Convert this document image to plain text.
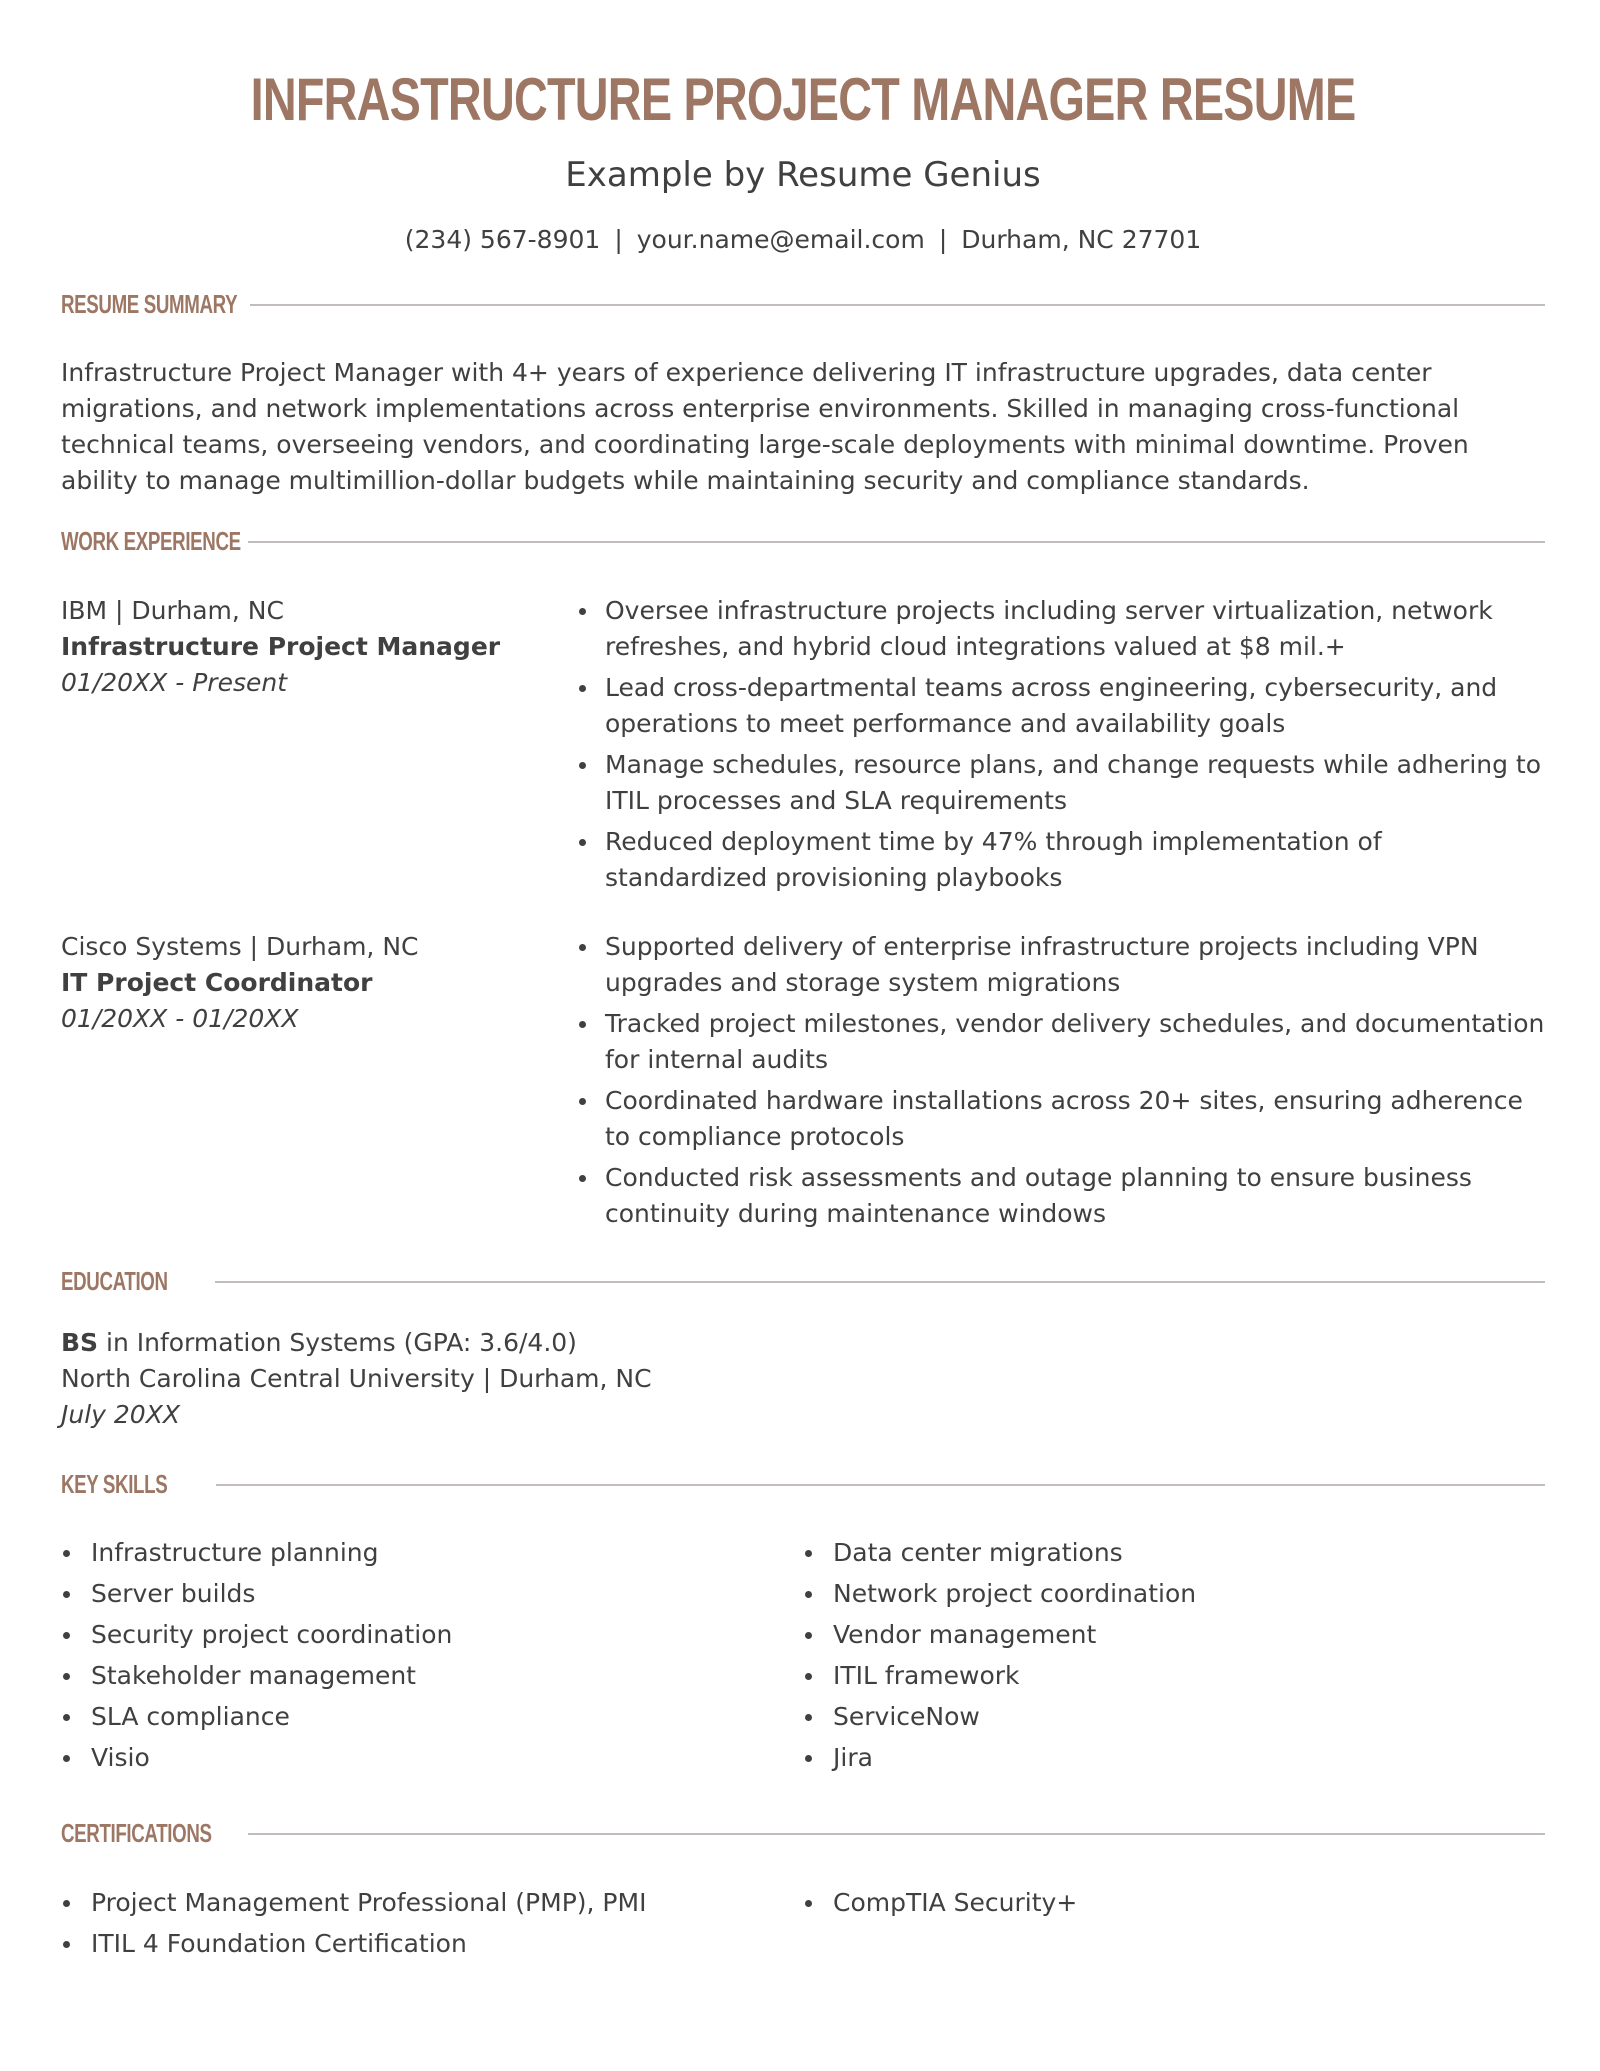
INFRASTRUCTURE PROJECT MANAGER RESUME
Example by Resume Genius
(234) 567-8901 | your.name@email.com | Durham, NC 27701
RESUME SUMMARY
Infrastructure Project Manager with 4+ years of experience delivering IT infrastructure upgrades, data center migrations, and network implementations across enterprise environments. Skilled in managing cross-functional technical teams, overseeing vendors, and coordinating large-scale deployments with minimal downtime. Proven ability to manage multimillion-dollar budgets while maintaining security and compliance standards.
WORK EXPERIENCE
IBM | Durham, NC
Infrastructure Project Manager
01/20XX - Present
Oversee infrastructure projects including server virtualization, network refreshes, and hybrid cloud integrations valued at $8 mil.+
Lead cross-departmental teams across engineering, cybersecurity, and operations to meet performance and availability goals
Manage schedules, resource plans, and change requests while adhering to ITIL processes and SLA requirements
Reduced deployment time by 47% through implementation of standardized provisioning playbooks
Cisco Systems | Durham, NC
IT Project Coordinator
01/20XX - 01/20XX
Supported delivery of enterprise infrastructure projects including VPN upgrades and storage system migrations
Tracked project milestones, vendor delivery schedules, and documentation for internal audits
Coordinated hardware installations across 20+ sites, ensuring adherence to compliance protocols
Conducted risk assessments and outage planning to ensure business continuity during maintenance windows
EDUCATION
BS in Information Systems (GPA: 3.6/4.0)
North Carolina Central University | Durham, NC
July 20XX
KEY SKILLS
Infrastructure planning
Server builds
Security project coordination
Stakeholder management
SLA compliance
Visio
Data center migrations
Network project coordination
Vendor management
ITIL framework
ServiceNow
Jira
CERTIFICATIONS
Project Management Professional (PMP), PMI
ITIL 4 Foundation Certification
CompTIA Security+
